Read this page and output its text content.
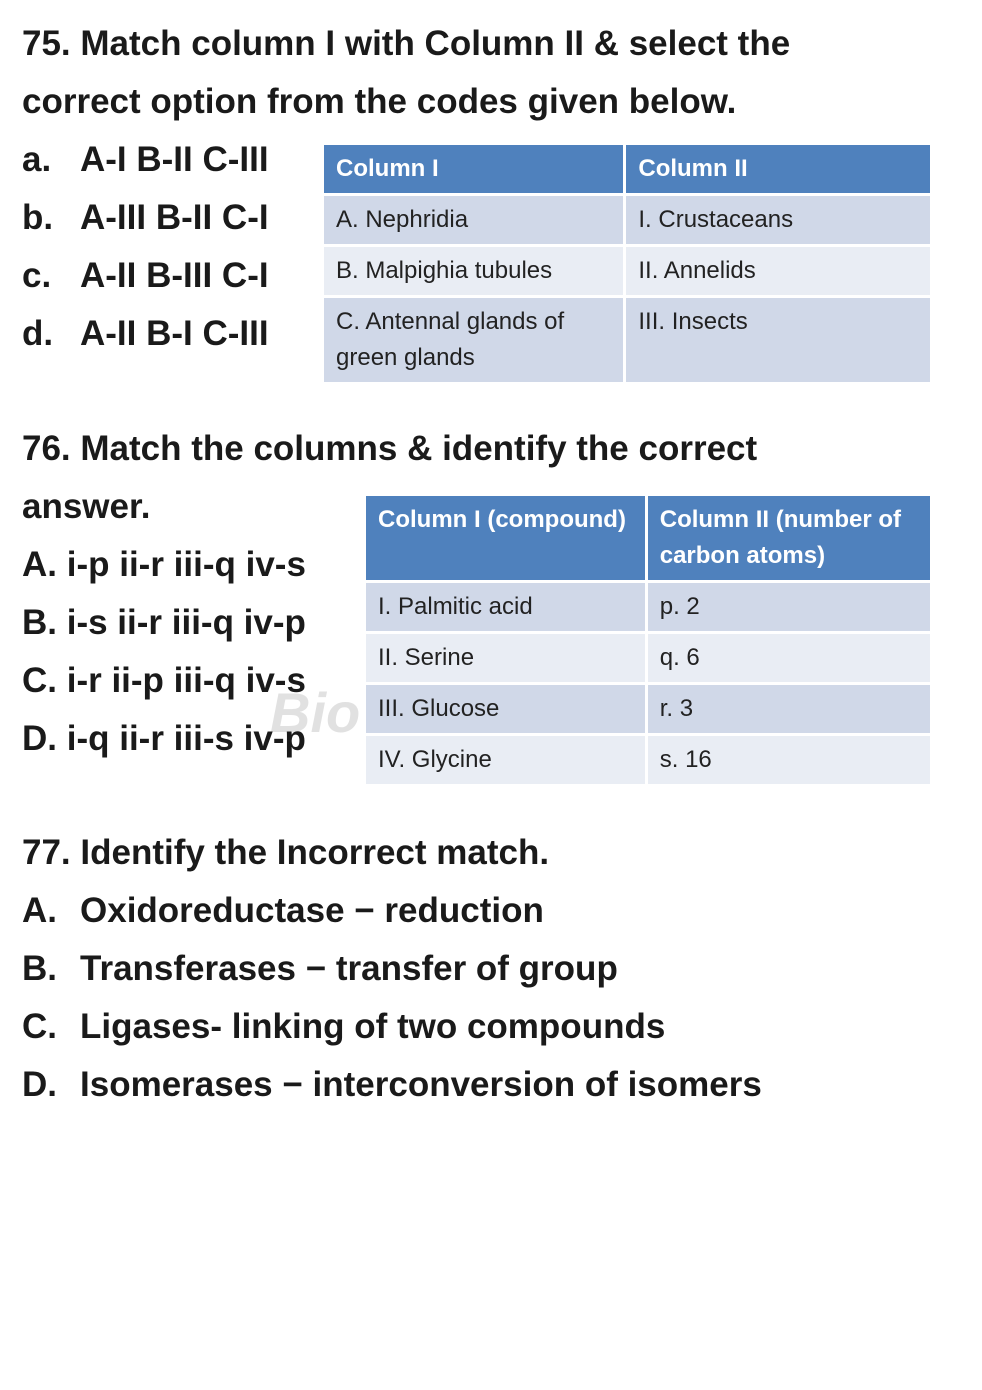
Bio
75. Match column I with Column II & select the
correct option from the codes given below.
a. A-I B-II C-III
b. A-III B-II C-I
c. A-II B-III C-I
d. A-II B-I C-III
Column I	Column II
A. Nephridia	I. Crustaceans
B. Malpighia tubules	II. Annelids
C. Antennal glands of green glands	III. Insects
76. Match the columns & identify the correct
answer.
A. i-p ii-r iii-q iv-s
B. i-s ii-r iii-q iv-p
C. i-r ii-p iii-q iv-s
D. i-q ii-r iii-s iv-p
Column I (compound)	Column II (number of carbon atoms)
I. Palmitic acid	p. 2
II. Serine	q. 6
III. Glucose	r. 3
IV. Glycine	s. 16
77. Identify the Incorrect match.
A. Oxidoreductase − reduction
B. Transferases − transfer of group
C. Ligases- linking of two compounds
D. Isomerases − interconversion of isomers
